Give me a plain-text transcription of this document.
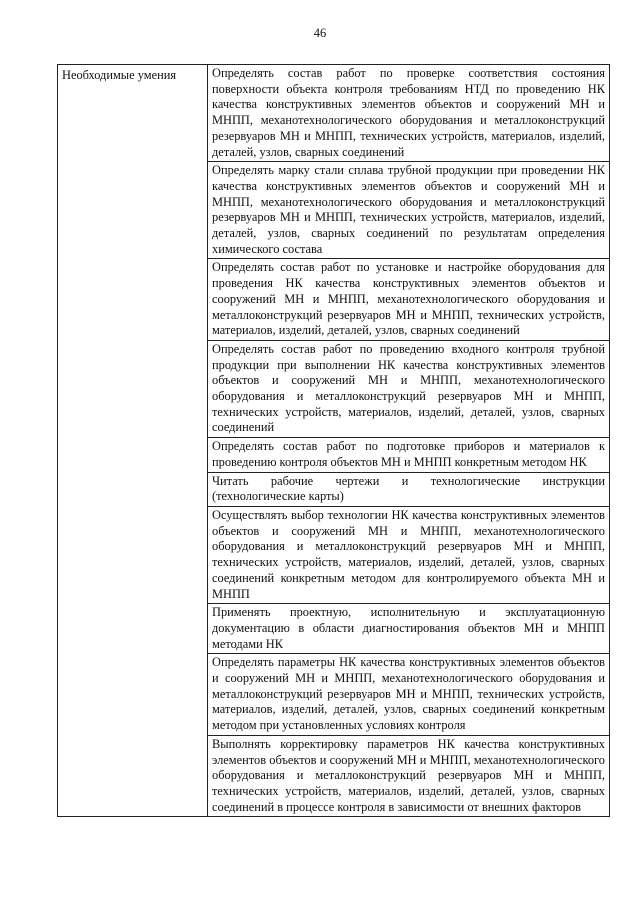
46
Необходимые умения	Определять состав работ по проверке соответствия состояния поверхности объекта контроля требованиям НТД по проведению НК качества конструктивных элементов объектов и сооружений МН и МНПП, механотехнологического оборудования и металлоконструкций резервуаров МН и МНПП, технических устройств, материалов, изделий, деталей, узлов, сварных соединений
Определять марку стали сплава трубной продукции при проведении НК качества конструктивных элементов объектов и сооружений МН и МНПП, механотехнологического оборудования и металлоконструкций резервуаров МН и МНПП, технических устройств, материалов, изделий, деталей, узлов, сварных соединений по результатам определения химического состава
Определять состав работ по установке и настройке оборудования для проведения НК качества конструктивных элементов объектов и сооружений МН и МНПП, механотехнологического оборудования и металлоконструкций резервуаров МН и МНПП, технических устройств, материалов, изделий, деталей, узлов, сварных соединений
Определять состав работ по проведению входного контроля трубной продукции при выполнении НК качества конструктивных элементов объектов и сооружений МН и МНПП, механотехнологического оборудования и металлоконструкций резервуаров МН и МНПП, технических устройств, материалов, изделий, деталей, узлов, сварных соединений
Определять состав работ по подготовке приборов и материалов к проведению контроля объектов МН и МНПП конкретным методом НК
Читать рабочие чертежи и технологические инструкции (технологические карты)
Осуществлять выбор технологии НК качества конструктивных элементов объектов и сооружений МН и МНПП, механотехнологического оборудования и металлоконструкций резервуаров МН и МНПП, технических устройств, материалов, изделий, деталей, узлов, сварных соединений конкретным методом для контролируемого объекта МН и МНПП
Применять проектную, исполнительную и эксплуатационную документацию в области диагностирования объектов МН и МНПП методами НК
Определять параметры НК качества конструктивных элементов объектов и сооружений МН и МНПП, механотехнологического оборудования и металлоконструкций резервуаров МН и МНПП, технических устройств, материалов, изделий, деталей, узлов, сварных соединений конкретным методом при установленных условиях контроля
Выполнять корректировку параметров НК качества конструктивных элементов объектов и сооружений МН и МНПП, механотехнологического оборудования и металлоконструкций резервуаров МН и МНПП, технических устройств, материалов, изделий, деталей, узлов, сварных соединений в процессе контроля в зависимости от внешних факторов
